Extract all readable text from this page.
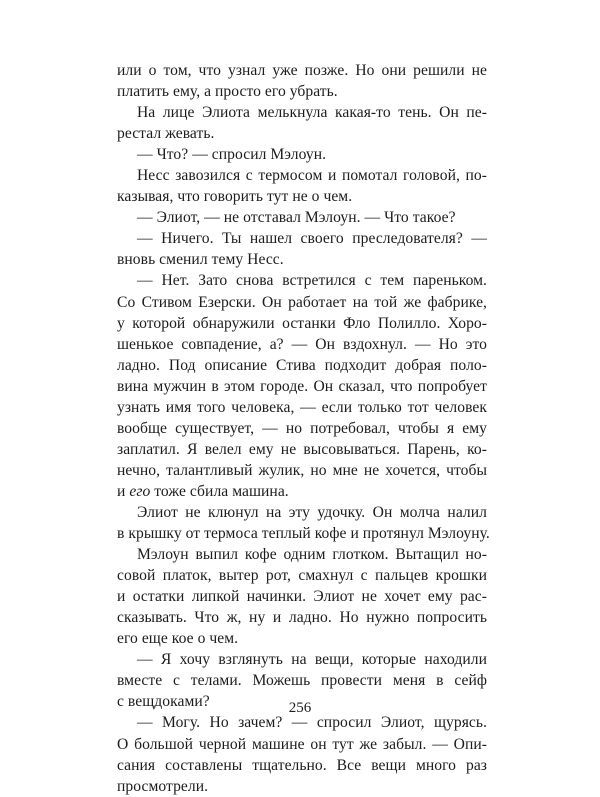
или о том, что узнал уже позже. Но они решили не
платить ему, а просто его убрать.
На лице Элиота мелькнула какая-то тень. Он пе-
рестал жевать.
— Что? — спросил Мэлоун.
Несс завозился с термосом и помотал головой, по-
казывая, что говорить тут не о чем.
— Элиот, — не отставал Мэлоун. — Что такое?
— Ничего. Ты нашел своего преследователя? —
вновь сменил тему Несс.
— Нет. Зато снова встретился с тем пареньком.
Со Стивом Езерски. Он работает на той же фабрике,
у которой обнаружили останки Фло Полилло. Хоро-
шенькое совпадение, а? — Он вздохнул. — Но это
ладно. Под описание Стива подходит добрая поло-
вина мужчин в этом городе. Он сказал, что попробует
узнать имя того человека, — если только тот человек
вообще существует, — но потребовал, чтобы я ему
заплатил. Я велел ему не высовываться. Парень, ко-
нечно, талантливый жулик, но мне не хочется, чтобы
и его тоже сбила машина.
Элиот не клюнул на эту удочку. Он молча налил
в крышку от термоса теплый кофе и протянул Мэлоуну.
Мэлоун выпил кофе одним глотком. Вытащил но-
совой платок, вытер рот, смахнул с пальцев крошки
и остатки липкой начинки. Элиот не хочет ему рас-
сказывать. Что ж, ну и ладно. Но нужно попросить
его еще кое о чем.
— Я хочу взглянуть на вещи, которые находили
вместе с телами. Можешь провести меня в сейф
с вещдоками?
— Могу. Но зачем? — спросил Элиот, щурясь.
О большой черной машине он тут же забыл. — Опи-
сания составлены тщательно. Все вещи много раз
просмотрели.
256
